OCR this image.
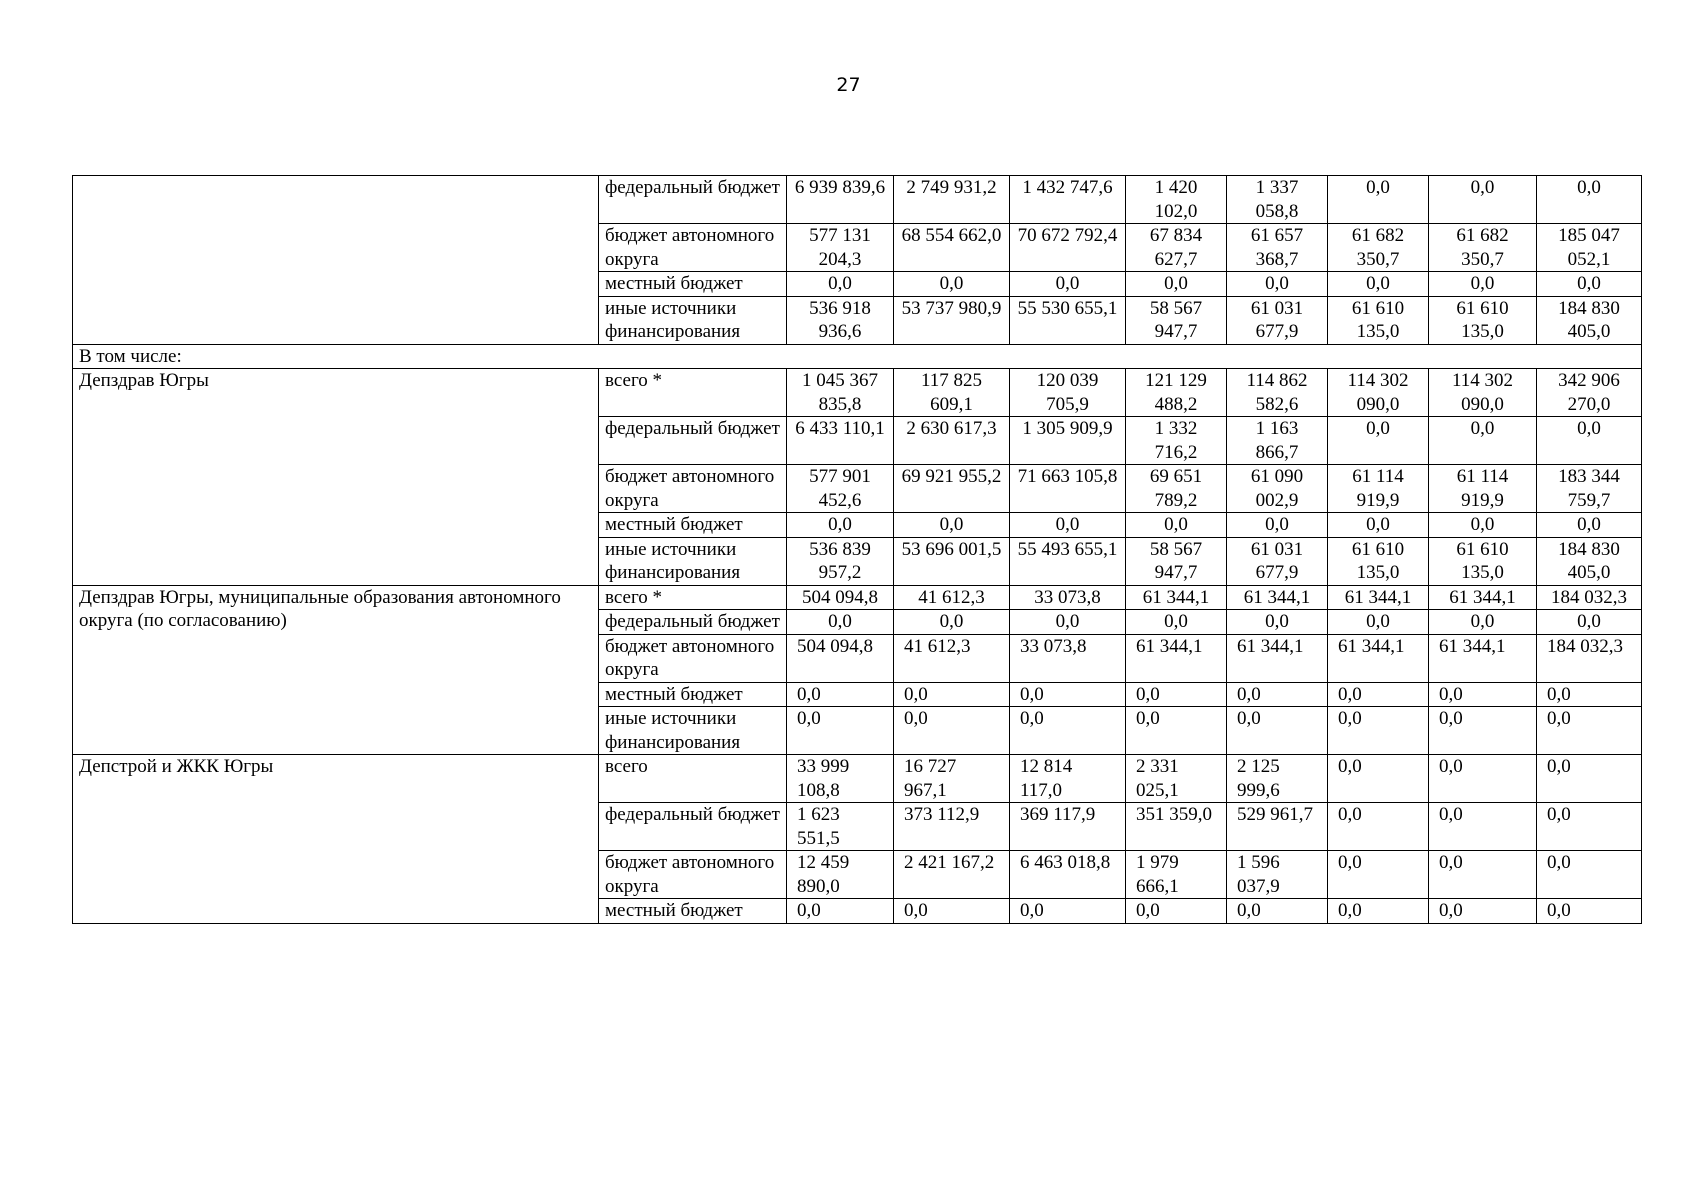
27
	федеральный бюджет	6 939 839,6	2 749 931,2	1 432 747,6	1 420 102,0	1 337 058,8	0,0	0,0	0,0
	бюджет автономного округа	577 131 204,3	68 554 662,0	70 672 792,4	67 834 627,7	61 657 368,7	61 682 350,7	61 682 350,7	185 047 052,1
	местный бюджет	0,0	0,0	0,0	0,0	0,0	0,0	0,0	0,0
	иные источники финансирования	536 918 936,6	53 737 980,9	55 530 655,1	58 567 947,7	61 031 677,9	61 610 135,0	61 610 135,0	184 830 405,0
В том числе:									
Депздрав Югры	всего *	1 045 367 835,8	117 825 609,1	120 039 705,9	121 129 488,2	114 862 582,6	114 302 090,0	114 302 090,0	342 906 270,0
	федеральный бюджет	6 433 110,1	2 630 617,3	1 305 909,9	1 332 716,2	1 163 866,7	0,0	0,0	0,0
	бюджет автономного округа	577 901 452,6	69 921 955,2	71 663 105,8	69 651 789,2	61 090 002,9	61 114 919,9	61 114 919,9	183 344 759,7
	местный бюджет	0,0	0,0	0,0	0,0	0,0	0,0	0,0	0,0
	иные источники финансирования	536 839 957,2	53 696 001,5	55 493 655,1	58 567 947,7	61 031 677,9	61 610 135,0	61 610 135,0	184 830 405,0
Депздрав Югры, муниципальные образования автономного округа (по согласованию)	всего *	504 094,8	41 612,3	33 073,8	61 344,1	61 344,1	61 344,1	61 344,1	184 032,3
	федеральный бюджет	0,0	0,0	0,0	0,0	0,0	0,0	0,0	0,0
	бюджет автономного округа	504 094,8	41 612,3	33 073,8	61 344,1	61 344,1	61 344,1	61 344,1	184 032,3
	местный бюджет	0,0	0,0	0,0	0,0	0,0	0,0	0,0	0,0
	иные источники финансирования	0,0	0,0	0,0	0,0	0,0	0,0	0,0	0,0
Депстрой и ЖКК Югры	всего	33 999 108,8	16 727 967,1	12 814 117,0	2 331 025,1	2 125 999,6	0,0	0,0	0,0
	федеральный бюджет	1 623 551,5	373 112,9	369 117,9	351 359,0	529 961,7	0,0	0,0	0,0
	бюджет автономного округа	12 459 890,0	2 421 167,2	6 463 018,8	1 979 666,1	1 596 037,9	0,0	0,0	0,0
	местный бюджет	0,0	0,0	0,0	0,0	0,0	0,0	0,0	0,0
